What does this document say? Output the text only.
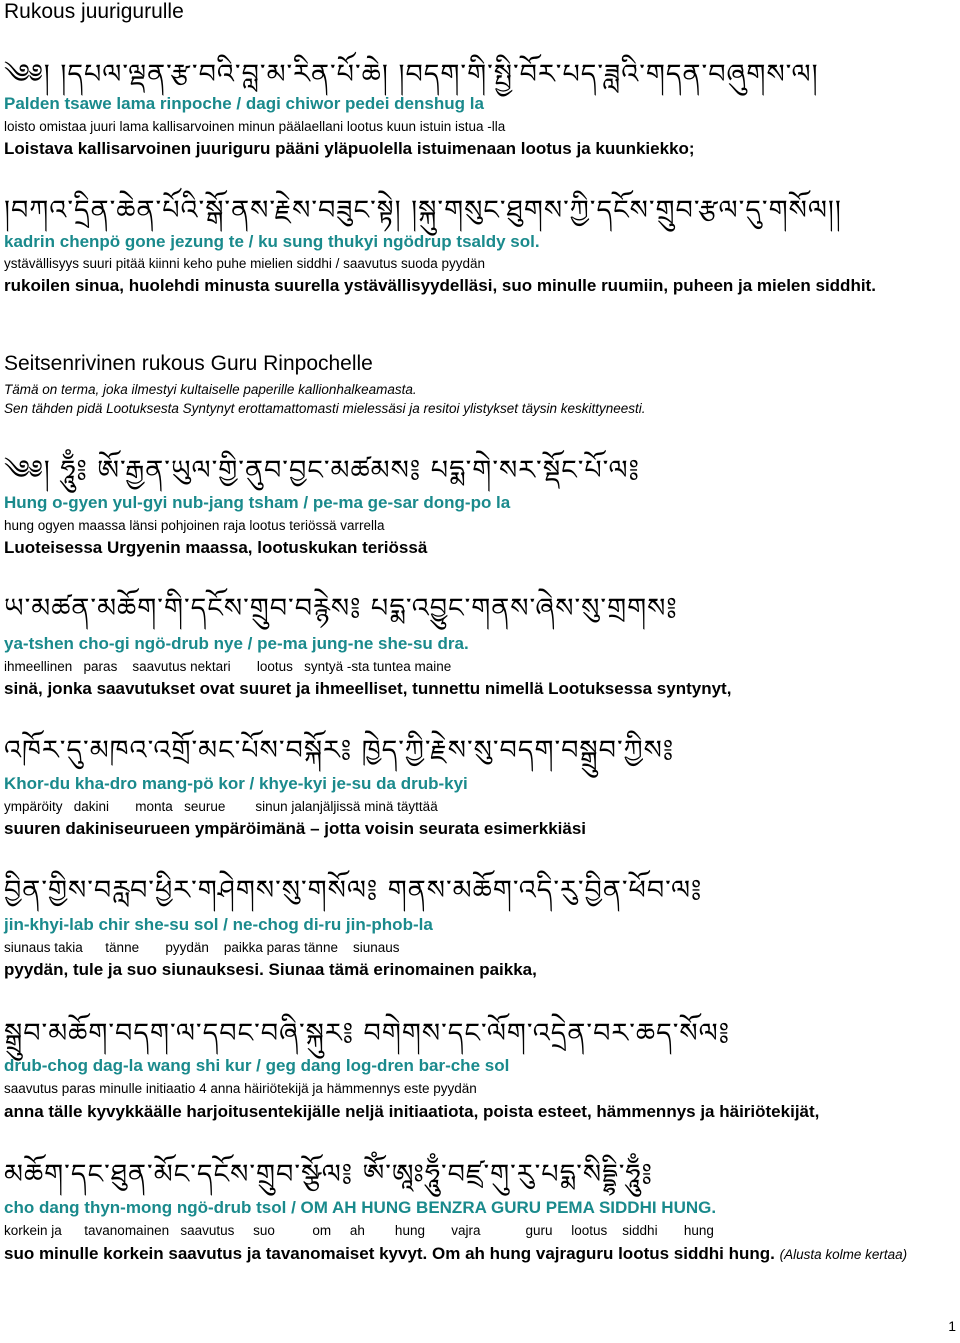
Rukous juurigurulle
༄༅། །དཔལ་ལྡན་རྩ་བའི་བླ་མ་རིན་པོ་ཆེ། །བདག་གི་སྤྱི་བོར་པད་ཟླའི་གདན་བཞུགས་ལ།
Palden tsawe lama rinpoche / dagi chiwor pedei denshug la
loisto omistaa juuri lama kallisarvoinen minun päälaellani lootus kuun istuin istua -lla
Loistava kallisarvoinen juuriguru pääni yläpuolella istuimenaan lootus ja kuunkiekko;
།བཀའ་དྲིན་ཆེན་པོའི་སྒོ་ནས་རྗེས་བཟུང་སྟེ། །སྐུ་གསུང་ཐུགས་ཀྱི་དངོས་གྲུབ་རྩལ་དུ་གསོལ།།
kadrin chenpö gone jezung te / ku sung thukyi ngödrup tsaldy sol.
ystävällisyys suuri pitää kiinni keho puhe mielien siddhi / saavutus suoda pyydän
rukoilen sinua, huolehdi minusta suurella ystävällisyydelläsi, suo minulle ruumiin, puheen ja mielen siddhit.
Seitsenrivinen rukous Guru Rinpochelle
Tämä on terma, joka ilmestyi kultaiselle paperille kallionhalkeamasta.
Sen tähden pidä Lootuksesta Syntynyt erottamattomasti mielessäsi ja resitoi ylistykset täysin keskittyneesti.
༄༅། ཧཱུྃ༔ ཨོ་རྒྱན་ཡུལ་གྱི་ནུབ་བྱང་མཚམས༔ པདྨ་གེ་སར་སྡོང་པོ་ལ༔
Hung o-gyen yul-gyi nub-jang tsham / pe-ma ge-sar dong-po la
hung ogyen maassa länsi pohjoinen raja lootus teriössä varrella
Luoteisessa Urgyenin maassa, lootuskukan teriössä
ཡ་མཚན་མཆོག་གི་དངོས་གྲུབ་བརྙེས༔ པདྨ་འབྱུང་གནས་ཞེས་སུ་གྲགས༔
ya-tshen cho-gi ngö-drub nye / pe-ma jung-ne she-su dra.
ihmeellinen   paras    saavutus nektari       lootus   syntyä -sta tuntea maine
sinä, jonka saavutukset ovat suuret ja ihmeelliset, tunnettu nimellä Lootuksessa syntynyt,
འཁོར་དུ་མཁའ་འགྲོ་མང་པོས་བསྐོར༔ ཁྱེད་ཀྱི་རྗེས་སུ་བདག་བསྒྲུབ་ཀྱིས༔
Khor-du kha-dro mang-pö kor / khye-kyi je-su da drub-kyi
ympäröity   dakini       monta   seurue        sinun jalanjäljissä minä täyttää
suuren dakiniseurueen ympäröimänä – jotta voisin seurata esimerkkiäsi
བྱིན་གྱིས་བརླབ་ཕྱིར་གཤེགས་སུ་གསོལ༔ གནས་མཆོག་འདི་རུ་བྱིན་ཕོབ་ལ༔
jin-khyi-lab chir she-su sol / ne-chog di-ru jin-phob-la
siunaus takia      tänne       pyydän    paikka paras tänne    siunaus
pyydän, tule ja suo siunauksesi. Siunaa tämä erinomainen paikka,
སྒྲུབ་མཆོག་བདག་ལ་དབང་བཞི་སྐུར༔ བགེགས་དང་ལོག་འདྲེན་བར་ཆད་སོལ༔
drub-chog dag-la wang shi kur / geg dang log-dren bar-che sol
saavutus paras minulle initiaatio 4 anna häiriötekijä ja hämmennys este pyydän
anna tälle kyvykkäälle harjoitusentekijälle neljä initiaatiota, poista esteet, hämmennys ja häiriötekijät,
མཆོག་དང་ཐུན་མོང་དངོས་གྲུབ་སྩོལ༔ ཨོཾ་ཨཱཿཧཱུྃ་བཛྲ་གུ་རུ་པདྨ་སིདྡྷི་ཧཱུྃ༔
cho dang thyn-mong ngö-drub tsol / OM AH HUNG BENZRA GURU PEMA SIDDHI HUNG.
korkein ja      tavanomainen   saavutus     suo          om     ah        hung       vajra            guru     lootus    siddhi       hung
suo minulle korkein saavutus ja tavanomaiset kyvyt. Om ah hung vajraguru lootus siddhi hung. (Alusta kolme kertaa)
1
